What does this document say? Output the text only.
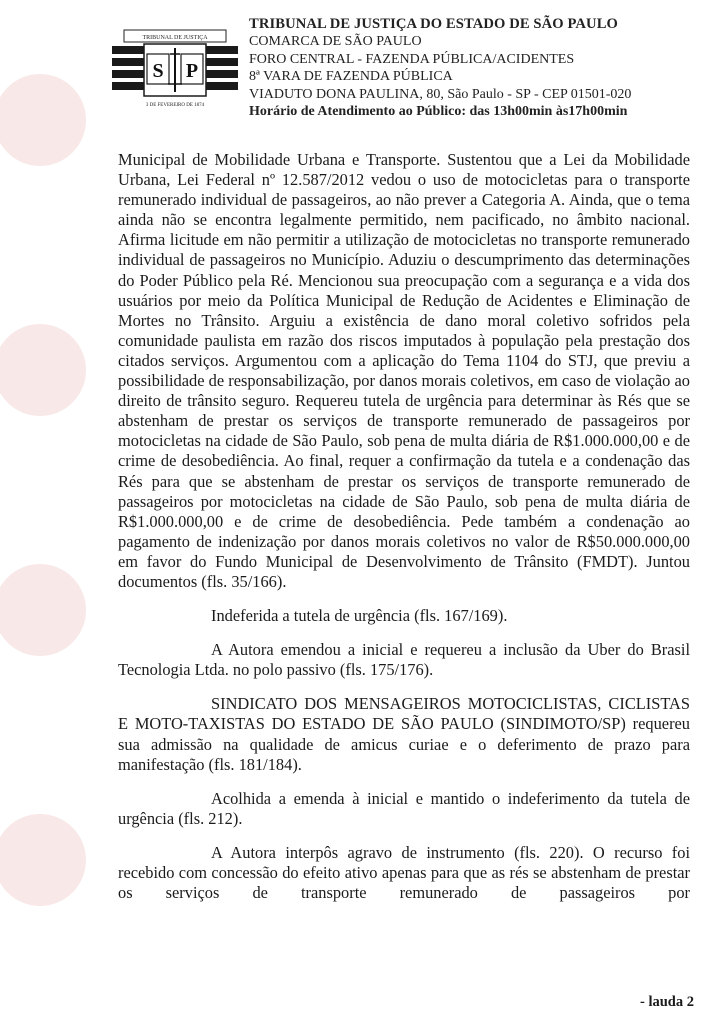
TRIBUNAL DE JUSTIÇA
S P
3 DE FEVEREIRO DE 1874
TRIBUNAL DE JUSTIÇA DO ESTADO DE SÃO PAULO
COMARCA DE SÃO PAULO
FORO CENTRAL - FAZENDA PÚBLICA/ACIDENTES
8ª VARA DE FAZENDA PÚBLICA
VIADUTO DONA PAULINA, 80, São Paulo - SP - CEP 01501-020
Horário de Atendimento ao Público: das 13h00min às17h00min

Municipal de Mobilidade Urbana e Transporte. Sustentou que a Lei da Mobilidade Urbana, Lei Federal nº 12.587/2012 vedou o uso de motocicletas para o transporte remunerado individual de passageiros, ao não prever a Categoria A. Ainda, que o tema ainda não se encontra legalmente permitido, nem pacificado, no âmbito nacional. Afirma licitude em não permitir a utilização de motocicletas no transporte remunerado individual de passageiros no Município. Aduziu o descumprimento das determinações do Poder Público pela Ré. Mencionou sua preocupação com a segurança e a vida dos usuários por meio da Política Municipal de Redução de Acidentes e Eliminação de Mortes no Trânsito. Arguiu a existência de dano moral coletivo sofridos pela comunidade paulista em razão dos riscos imputados à população pela prestação dos citados serviços. Argumentou com a aplicação do Tema 1104 do STJ, que previu a possibilidade de responsabilização, por danos morais coletivos, em caso de violação ao direito de trânsito seguro. Requereu tutela de urgência para determinar às Rés que se abstenham de prestar os serviços de transporte remunerado de passageiros por motocicletas na cidade de São Paulo, sob pena de multa diária de R$1.000.000,00 e de crime de desobediência. Ao final, requer a confirmação da tutela e a condenação das Rés para que se abstenham de prestar os serviços de transporte remunerado de passageiros por motocicletas na cidade de São Paulo, sob pena de multa diária de R$1.000.000,00 e de crime de desobediência. Pede também a condenação ao pagamento de indenização por danos morais coletivos no valor de R$50.000.000,00 em favor do Fundo Municipal de Desenvolvimento de Trânsito (FMDT). Juntou documentos (fls. 35/166).

Indeferida a tutela de urgência (fls. 167/169).

A Autora emendou a inicial e requereu a inclusão da Uber do Brasil Tecnologia Ltda. no polo passivo (fls. 175/176).

SINDICATO DOS MENSAGEIROS MOTOCICLISTAS, CICLISTAS E MOTO-TAXISTAS DO ESTADO DE SÃO PAULO (SINDIMOTO/SP) requereu sua admissão na qualidade de amicus curiae e o deferimento de prazo para manifestação (fls. 181/184).

Acolhida a emenda à inicial e mantido o indeferimento da tutela de urgência (fls. 212).

A Autora interpôs agravo de instrumento (fls. 220). O recurso foi recebido com concessão do efeito ativo apenas para que as rés se abstenham de prestar os serviços de transporte remunerado de passageiros por

- lauda 2
